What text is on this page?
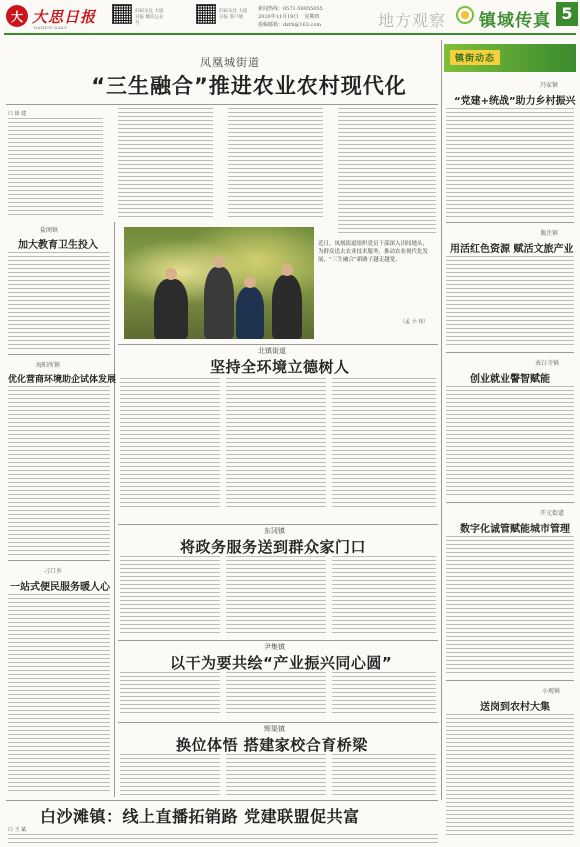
大 大思日报
DAZHOU DAILY
扫码关注 大思日报 微信公众号
扫码关注 大思日报 客户端
新闻热线：0571-58955055
2020年11月19日 星期四
投稿邮箱：dzrb@163.com	地方观察 镇域传真 5
凤凰城街道
“三生融合”推进农业农村现代化
口 徐 建
近日，凤凰街道组织党员干部深入田间地头，为群众送去农业技术服务，推动农业现代化发展，“三生融合”新路子越走越宽。
（孟 小 伟）
盐阁镇
加大教育卫生投入
海阳所镇
优化营商环境助企试体发展
刁口乡
一站式便民服务暖人心
北镇街道
坚持全环境立德树人
东冈镇
将政务服务送到群众家门口
尹集镇
以干为要共绘“产业振兴同心圆”
辉渠镇
换位体悟 搭建家校合育桥梁
镇街动态
冯家镇
“党建+统战”助力乡村振兴
谯注镇
用活红色资源 赋活文旅产业
表白寺镇
创业就业謦智赋能
开元街道
数字化诚管赋能城市管理
小观镇
送岗到农村大集
白沙滩镇：线上直播拓销路 党建联盟促共富
口 王 斌
